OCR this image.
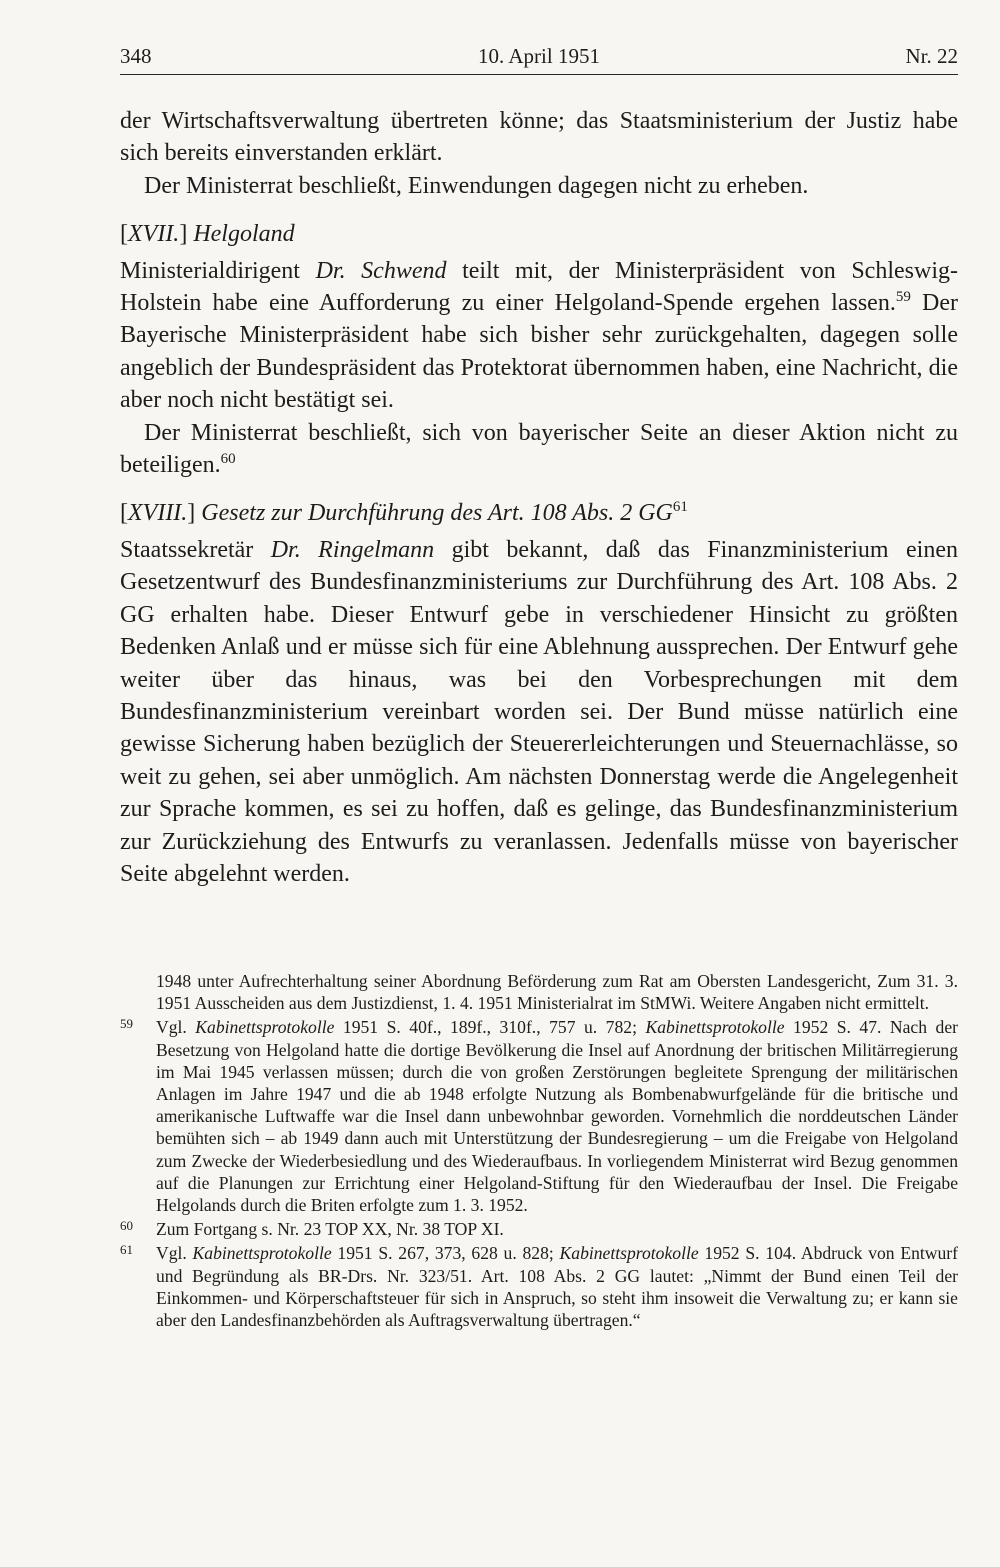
348	10. April 1951	Nr. 22

der Wirtschaftsverwaltung übertreten könne; das Staatsministerium der Justiz habe sich bereits einverstanden erklärt.

Der Ministerrat beschließt, Einwendungen dagegen nicht zu erheben.

[XVII.] Helgoland

Ministerialdirigent Dr. Schwend teilt mit, der Ministerpräsident von Schleswig-Holstein habe eine Aufforderung zu einer Helgoland-Spende ergehen lassen.$^{59}$ Der Bayerische Ministerpräsident habe sich bisher sehr zurückgehalten, dagegen solle angeblich der Bundespräsident das Protektorat übernommen haben, eine Nachricht, die aber noch nicht bestätigt sei.

Der Ministerrat beschließt, sich von bayerischer Seite an dieser Aktion nicht zu beteiligen.$^{60}$

[XVIII.] Gesetz zur Durchführung des Art. 108 Abs. 2 GG$^{61}$

Staatssekretär Dr. Ringelmann gibt bekannt, daß das Finanzministerium einen Gesetzentwurf des Bundesfinanzministeriums zur Durchführung des Art. 108 Abs. 2 GG erhalten habe. Dieser Entwurf gebe in verschiedener Hinsicht zu größten Bedenken Anlaß und er müsse sich für eine Ablehnung aussprechen. Der Entwurf gehe weiter über das hinaus, was bei den Vorbesprechungen mit dem Bundesfinanzministerium vereinbart worden sei. Der Bund müsse natürlich eine gewisse Sicherung haben bezüglich der Steuererleichterungen und Steuernachlässe, so weit zu gehen, sei aber unmöglich. Am nächsten Donnerstag werde die Angelegenheit zur Sprache kommen, es sei zu hoffen, daß es gelinge, das Bundesfinanzministerium zur Zurückziehung des Entwurfs zu veranlassen. Jedenfalls müsse von bayerischer Seite abgelehnt werden.

1948 unter Aufrechterhaltung seiner Abordnung Beförderung zum Rat am Obersten Landesgericht, Zum 31. 3. 1951 Ausscheiden aus dem Justizdienst, 1. 4. 1951 Ministerialrat im StMWi. Weitere Angaben nicht ermittelt.

59 Vgl. Kabinettsprotokolle 1951 S. 40f., 189f., 310f., 757 u. 782; Kabinettsprotokolle 1952 S. 47. Nach der Besetzung von Helgoland hatte die dortige Bevölkerung die Insel auf Anordnung der britischen Militärregierung im Mai 1945 verlassen müssen; durch die von großen Zerstörungen begleitete Sprengung der militärischen Anlagen im Jahre 1947 und die ab 1948 erfolgte Nutzung als Bombenabwurfgelände für die britische und amerikanische Luftwaffe war die Insel dann unbewohnbar geworden. Vornehmlich die norddeutschen Länder bemühten sich – ab 1949 dann auch mit Unterstützung der Bundesregierung – um die Freigabe von Helgoland zum Zwecke der Wiederbesiedlung und des Wiederaufbaus. In vorliegendem Ministerrat wird Bezug genommen auf die Planungen zur Errichtung einer Helgoland-Stiftung für den Wiederaufbau der Insel. Die Freigabe Helgolands durch die Briten erfolgte zum 1. 3. 1952.

60 Zum Fortgang s. Nr. 23 TOP XX, Nr. 38 TOP XI.

61 Vgl. Kabinettsprotokolle 1951 S. 267, 373, 628 u. 828; Kabinettsprotokolle 1952 S. 104. Abdruck von Entwurf und Begründung als BR-Drs. Nr. 323/51. Art. 108 Abs. 2 GG lautet: „Nimmt der Bund einen Teil der Einkommen- und Körperschaftsteuer für sich in Anspruch, so steht ihm insoweit die Verwaltung zu; er kann sie aber den Landesfinanzbehörden als Auftragsverwaltung übertragen.“
